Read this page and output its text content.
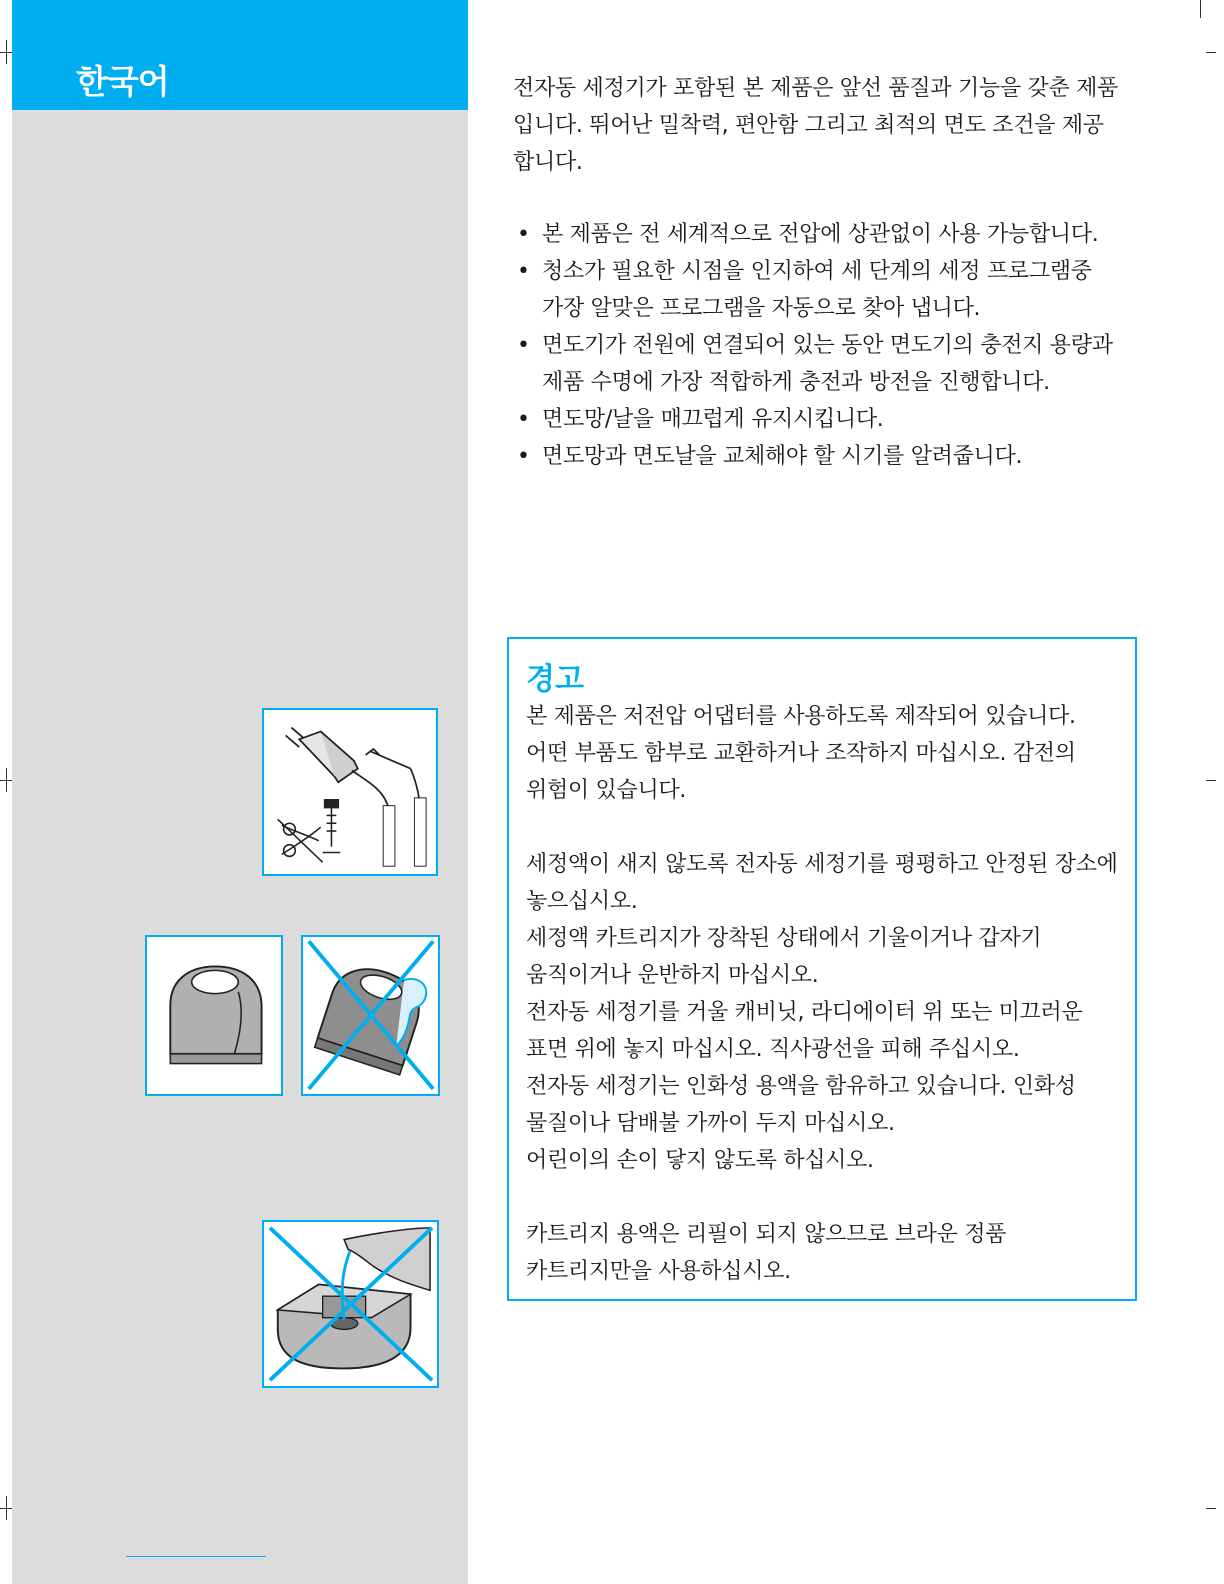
한국어	전자동 세정기가 포함된 본 제품은 앞선 품질과 기능을 갖춘 제품
입니다. 뛰어난 밀착력, 편안함 그리고 최적의 면도 조건을 제공
합니다.
• 본 제품은 전 세계적으로 전압에 상관없이 사용 가능합니다.
• 청소가 필요한 시점을 인지하여 세 단계의 세정 프로그램중
가장 알맞은 프로그램을 자동으로 찾아 냅니다.
• 면도기가 전원에 연결되어 있는 동안 면도기의 충전지 용량과
제품 수명에 가장 적합하게 충전과 방전을 진행합니다.
• 면도망/날을 매끄럽게 유지시킵니다.
• 면도망과 면도날을 교체해야 할 시기를 알려줍니다.
경고

본 제품은 저전압 어댑터를 사용하도록 제작되어 있습니다.

어떤 부품도 함부로 교환하거나 조작하지 마십시오. 감전의

위험이 있습니다.

세정액이 새지 않도록 전자동 세정기를 평평하고 안정된 장소에

놓으십시오.

세정액 카트리지가 장착된 상태에서 기울이거나 갑자기

움직이거나 운반하지 마십시오.

전자동 세정기를 거울 캐비닛, 라디에이터 위 또는 미끄러운

표면 위에 놓지 마십시오. 직사광선을 피해 주십시오.

전자동 세정기는 인화성 용액을 함유하고 있습니다. 인화성

물질이나 담배불 가까이 두지 마십시오.

어린이의 손이 닿지 않도록 하십시오.

카트리지 용액은 리필이 되지 않으므로 브라운 정품

카트리지만을 사용하십시오.
